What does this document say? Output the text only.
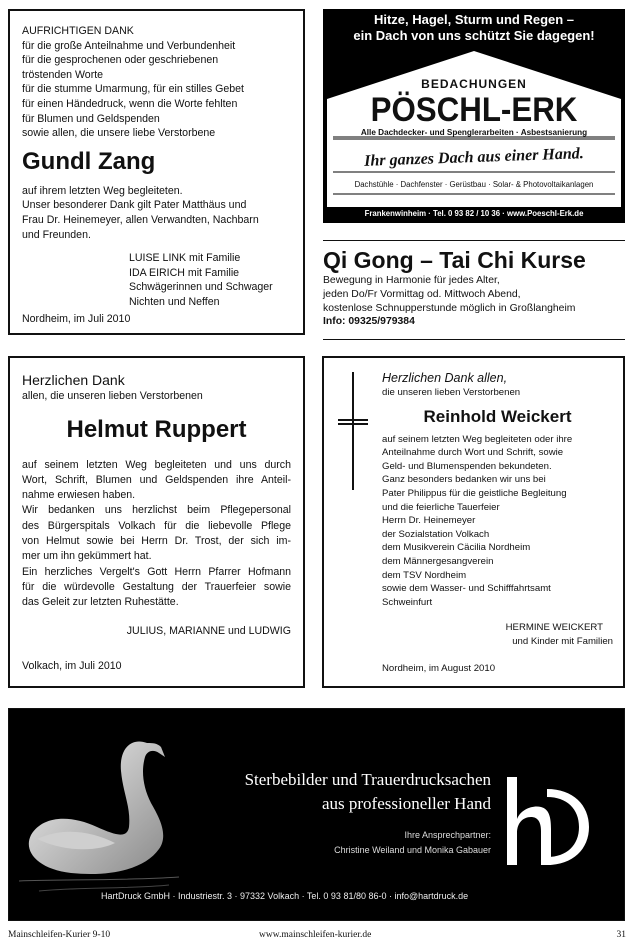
AUFRICHTIGEN DANK
für die große Anteilnahme und Verbundenheit
für die gesprochenen oder geschriebenen
tröstenden Worte
für die stumme Umarmung, für ein stilles Gebet
für einen Händedruck, wenn die Worte fehlten
für Blumen und Geldspenden
sowie allen, die unsere liebe Verstorbene
Gundl Zang
auf ihrem letzten Weg begleiteten.
Unser besonderer Dank gilt Pater Matthäus und
Frau Dr. Heinemeyer, allen Verwandten, Nachbarn
und Freunden.
LUISE LINK mit Familie
IDA EIRICH mit Familie
Schwägerinnen und Schwager
Nichten und Neffen
Nordheim, im Juli 2010
Hitze, Hagel, Sturm und Regen –
ein Dach von uns schützt Sie dagegen!
BEDACHUNGEN
PÖSCHL-ERK
Alle Dachdecker- und Spenglerarbeiten · Asbestsanierung
Ihr ganzes Dach aus einer Hand.
Dachstühle · Dachfenster · Gerüstbau · Solar- & Photovoltaikanlagen
Frankenwinheim · Tel. 0 93 82 / 10 36 · www.Poeschl-Erk.de
Qi Gong – Tai Chi Kurse
Bewegung in Harmonie für jedes Alter,
jeden Do/Fr Vormittag od. Mittwoch Abend,
kostenlose Schnupperstunde möglich in Großlangheim
Info: 09325/979384
Herzlichen Dank
allen, die unseren lieben Verstorbenen
Helmut Ruppert
auf seinem letzten Weg begleiteten und uns durch
Wort, Schrift, Blumen und Geldspenden ihre Anteil-
nahme erwiesen haben.
Wir bedanken uns herzlichst beim Pflegepersonal
des Bürgerspitals Volkach für die liebevolle Pflege
von Helmut sowie bei Herrn Dr. Trost, der sich im-
mer um ihn gekümmert hat.
Ein herzliches Vergelt's Gott Herrn Pfarrer Hofmann
für die würdevolle Gestaltung der Trauerfeier sowie
das Geleit zur letzten Ruhestätte.
JULIUS, MARIANNE und LUDWIG
Volkach, im Juli 2010
Herzlichen Dank allen,
die unseren lieben Verstorbenen
Reinhold Weickert
auf seinem letzten Weg begleiteten oder ihre
Anteilnahme durch Wort und Schrift, sowie
Geld- und Blumenspenden bekundeten.
Ganz besonders bedanken wir uns bei
Pater Philippus für die geistliche Begleitung
und die feierliche Tauerfeier
Herrn Dr. Heinemeyer
der Sozialstation Volkach
dem Musikverein Cäcilia Nordheim
dem Männergesangverein
dem TSV Nordheim
sowie dem Wasser- und Schifffahrtsamt
Schweinfurt
HERMINE WEICKERT
und Kinder mit Familien
Nordheim, im August 2010
Sterbebilder und Trauerdrucksachen
aus professioneller Hand
Ihre Ansprechpartner:
Christine Weiland und Monika Gabauer
HartDruck GmbH · Industriestr. 3 · 97332 Volkach · Tel. 0 93 81/80 86-0 · info@hartdruck.de
Mainschleifen-Kurier 9-10	www.mainschleifen-kurier.de	31
